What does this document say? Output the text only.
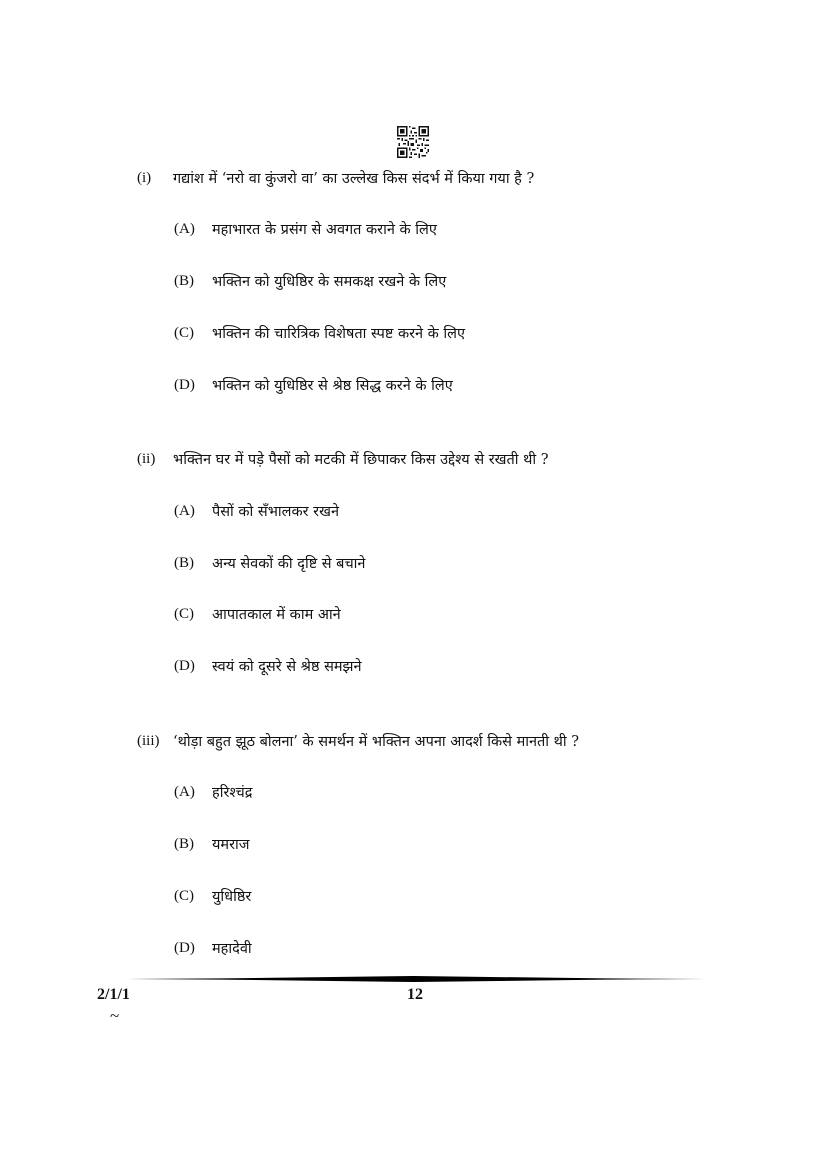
(i) गद्यांश में ‘नरो वा कुंजरो वा’ का उल्लेख किस संदर्भ में किया गया है ?
(A) महाभारत के प्रसंग से अवगत कराने के लिए
(B) भक्तिन को युधिष्ठिर के समकक्ष रखने के लिए
(C) भक्तिन की चारित्रिक विशेषता स्पष्ट करने के लिए
(D) भक्तिन को युधिष्ठिर से श्रेष्ठ सिद्ध करने के लिए
(ii) भक्तिन घर में पड़े पैसों को मटकी में छिपाकर किस उद्देश्य से रखती थी ?
(A) पैसों को सँभालकर रखने
(B) अन्य सेवकों की दृष्टि से बचाने
(C) आपातकाल में काम आने
(D) स्वयं को दूसरे से श्रेष्ठ समझने
(iii) ‘थोड़ा बहुत झूठ बोलना’ के समर्थन में भक्तिन अपना आदर्श किसे मानती थी ?
(A) हरिश्चंद्र
(B) यमराज
(C) युधिष्ठिर
(D) महादेवी
2/1/1	12
~
